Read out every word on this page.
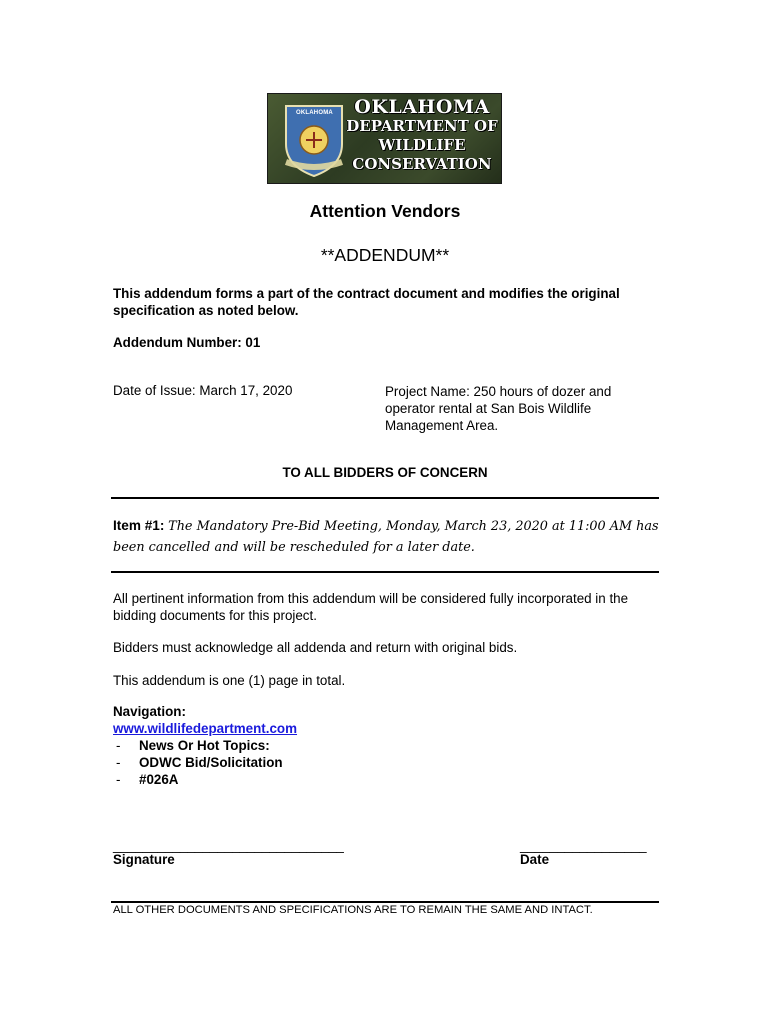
OKLAHOMA	OKLAHOMA
DEPARTMENT OF
WILDLIFE
CONSERVATION
Attention Vendors
**ADDENDUM**
This addendum forms a part of the contract document and modifies the original specification as noted below.
Addendum Number: 01
Date of Issue: March 17, 2020	Project Name: 250 hours of dozer and operator rental at San Bois Wildlife Management Area.
TO ALL BIDDERS OF CONCERN
Item #1: The Mandatory Pre-Bid Meeting, Monday, March 23, 2020 at 11:00 AM has been cancelled and will be rescheduled for a later date.
All pertinent information from this addendum will be considered fully incorporated in the bidding documents for this project.
Bidders must acknowledge all addenda and return with original bids.
This addendum is one (1) page in total.
Navigation:
www.wildlifedepartment.com
- News Or Hot Topics:
- ODWC Bid/Solicitation
- #026A
_______________________________	_________________
Signature	Date
ALL OTHER DOCUMENTS AND SPECIFICATIONS ARE TO REMAIN THE SAME AND INTACT.
